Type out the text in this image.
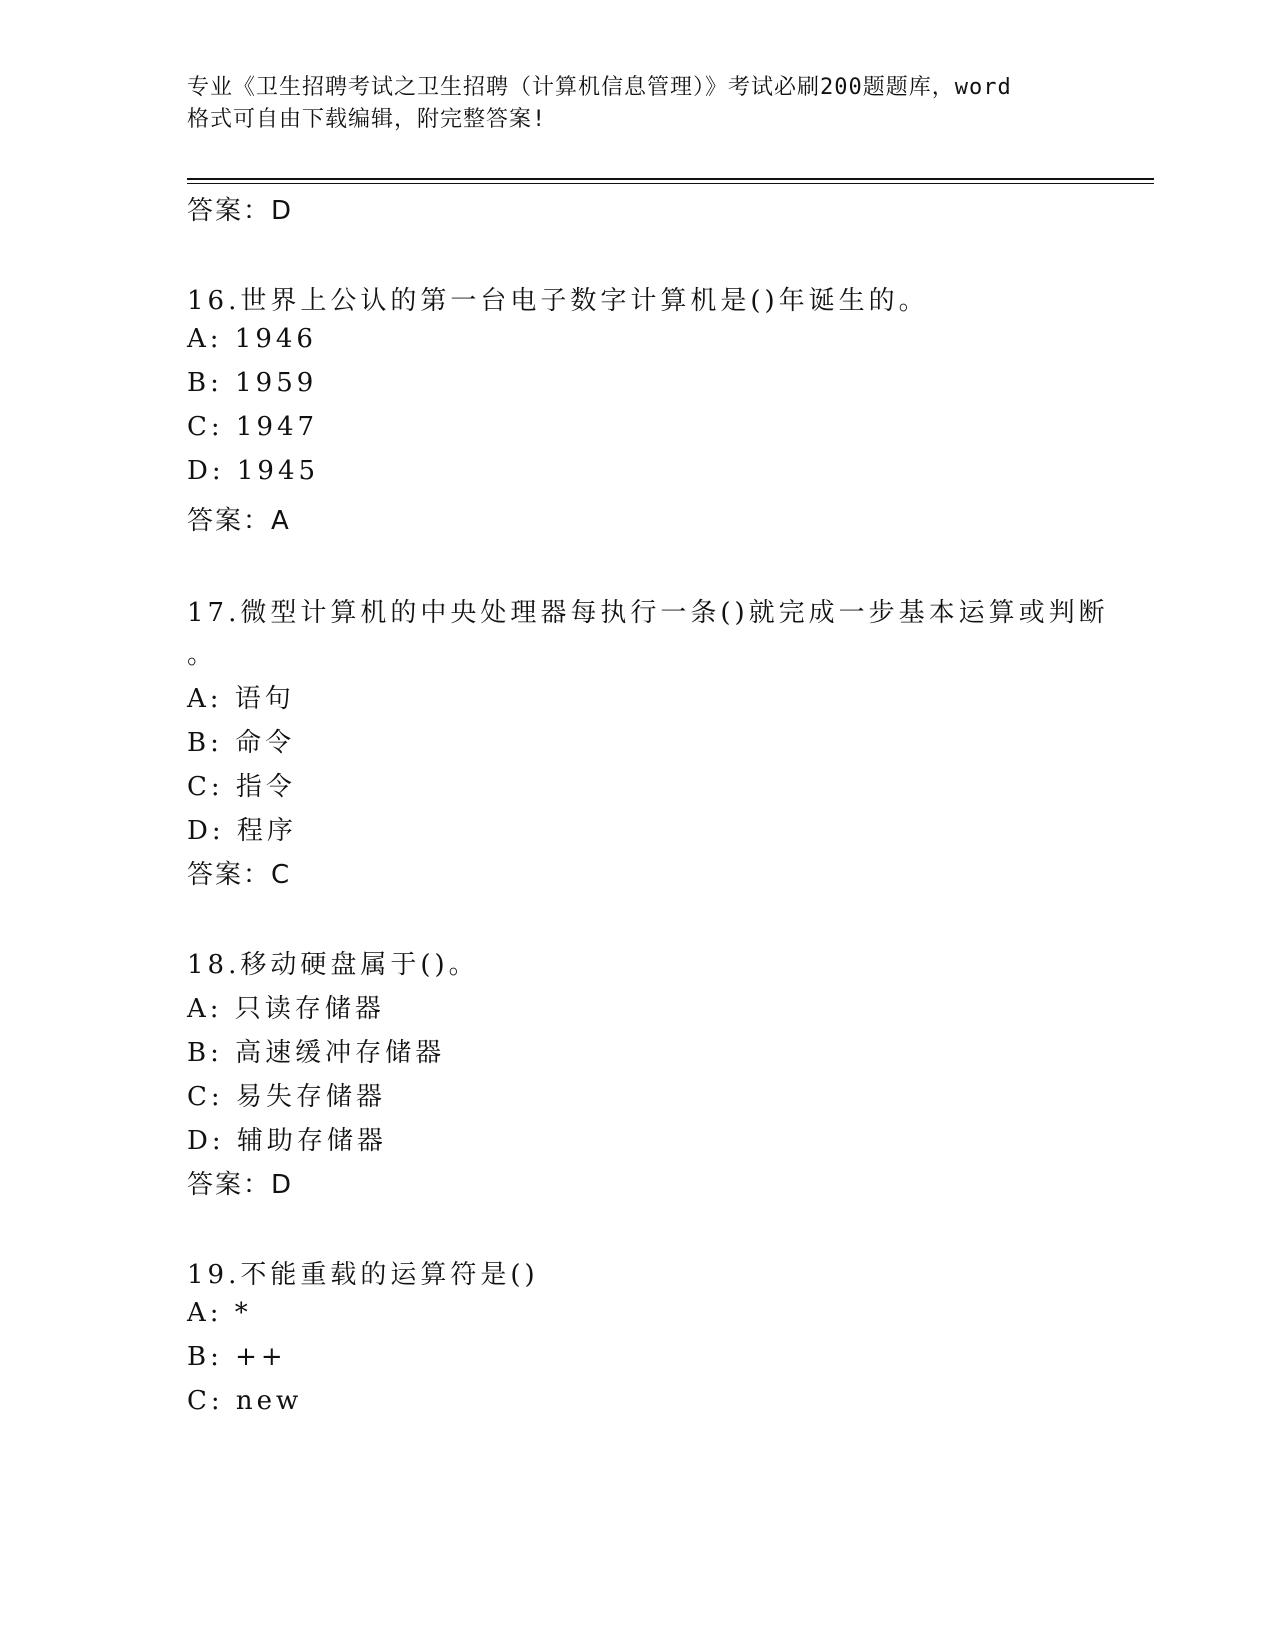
专业《卫生招聘考试之卫生招聘（计算机信息管理）》考试必刷200题题库，word
格式可自由下载编辑，附完整答案!
答案：D
16.世界上公认的第一台电子数字计算机是()年诞生的。
A: 1946
B: 1959
C: 1947
D: 1945
答案：A
17.微型计算机的中央处理器每执行一条()就完成一步基本运算或判断
。
A: 语句
B: 命令
C: 指令
D: 程序
答案：C
18.移动硬盘属于()。
A: 只读存储器
B: 高速缓冲存储器
C: 易失存储器
D: 辅助存储器
答案：D
19.不能重载的运算符是()
A: *
B: ++
C: new
